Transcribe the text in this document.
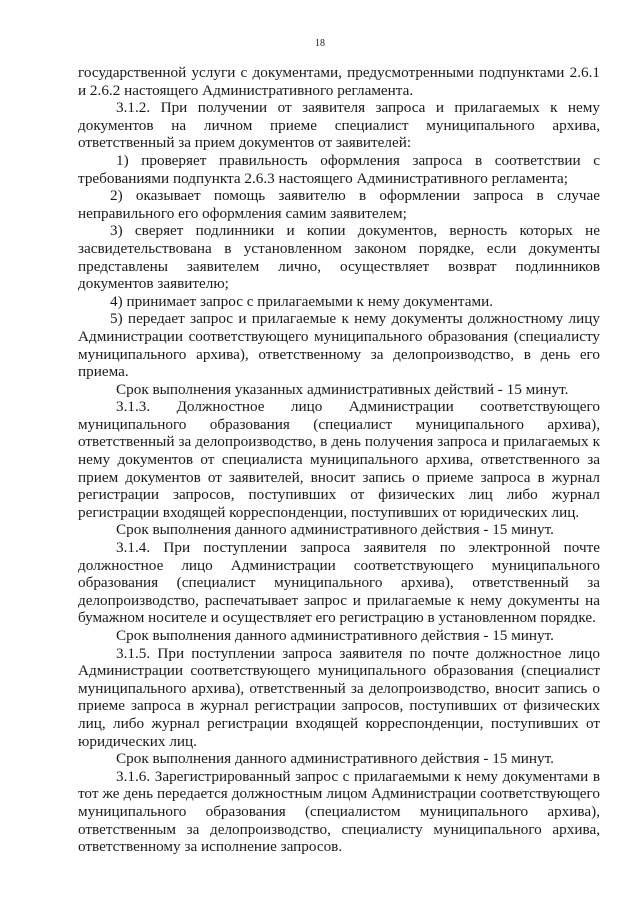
18

государственной услуги с документами, предусмотренными подпунктами 2.6.1 и 2.6.2 настоящего Административного регламента.

3.1.2. При получении от заявителя запроса и прилагаемых к нему документов на личном приеме специалист муниципального архива, ответственный за прием документов от заявителей:

1) проверяет правильность оформления запроса в соответствии с требованиями подпункта 2.6.3 настоящего Административного регламента;

2) оказывает помощь заявителю в оформлении запроса в случае неправильного его оформления самим заявителем;

3) сверяет подлинники и копии документов, верность которых не засвидетельствована в установленном законом порядке, если документы представлены заявителем лично, осуществляет возврат подлинников документов заявителю;

4) принимает запрос с прилагаемыми к нему документами.

5) передает запрос и прилагаемые к нему документы должностному лицу Администрации соответствующего муниципального образования (специалисту муниципального архива), ответственному за делопроизводство, в день его приема.

Срок выполнения указанных административных действий - 15 минут.

3.1.3. Должностное лицо Администрации соответствующего муниципального образования (специалист муниципального архива), ответственный за делопроизводство, в день получения запроса и прилагаемых к нему документов от специалиста муниципального архива, ответственного за прием документов от заявителей, вносит запись о приеме запроса в журнал регистрации запросов, поступивших от физических лиц либо журнал регистрации входящей корреспонденции, поступивших от юридических лиц.

Срок выполнения данного административного действия - 15 минут.

3.1.4. При поступлении запроса заявителя по электронной почте должностное лицо Администрации соответствующего муниципального образования (специалист муниципального архива), ответственный за делопроизводство, распечатывает запрос и прилагаемые к нему документы на бумажном носителе и осуществляет его регистрацию в установленном порядке.

Срок выполнения данного административного действия - 15 минут.

3.1.5. При поступлении запроса заявителя по почте должностное лицо Администрации соответствующего муниципального образования (специалист муниципального архива), ответственный за делопроизводство, вносит запись о приеме запроса в журнал регистрации запросов, поступивших от физических лиц, либо журнал регистрации входящей корреспонденции, поступивших от юридических лиц.

Срок выполнения данного административного действия - 15 минут.

3.1.6. Зарегистрированный запрос с прилагаемыми к нему документами в тот же день передается должностным лицом Администрации соответствующего муниципального образования (специалистом муниципального архива), ответственным за делопроизводство, специалисту муниципального архива, ответственному за исполнение запросов.
